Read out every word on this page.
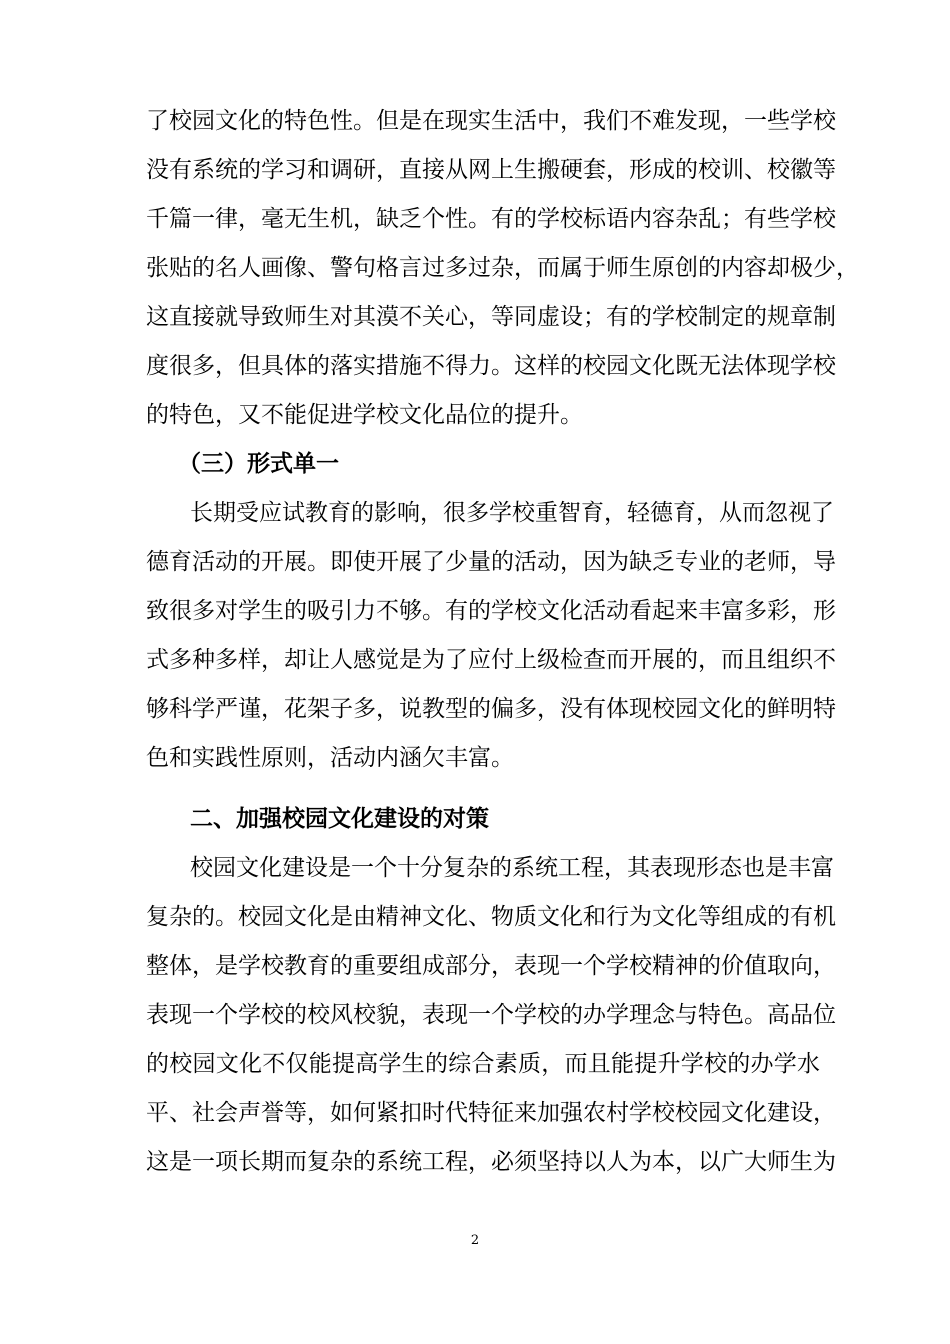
了校园文化的特色性。但是在现实生活中，我们不难发现，一些学校
没有系统的学习和调研，直接从网上生搬硬套，形成的校训、校徽等
千篇一律，毫无生机，缺乏个性。有的学校标语内容杂乱；有些学校
张贴的名人画像、警句格言过多过杂，而属于师生原创的内容却极少，
这直接就导致师生对其漠不关心，等同虚设；有的学校制定的规章制
度很多，但具体的落实措施不得力。这样的校园文化既无法体现学校
的特色，又不能促进学校文化品位的提升。
（三）形式单一
长期受应试教育的影响，很多学校重智育，轻德育，从而忽视了
德育活动的开展。即使开展了少量的活动，因为缺乏专业的老师，导
致很多对学生的吸引力不够。有的学校文化活动看起来丰富多彩，形
式多种多样，却让人感觉是为了应付上级检查而开展的，而且组织不
够科学严谨，花架子多，说教型的偏多，没有体现校园文化的鲜明特
色和实践性原则，活动内涵欠丰富。
二、加强校园文化建设的对策
校园文化建设是一个十分复杂的系统工程，其表现形态也是丰富
复杂的。校园文化是由精神文化、物质文化和行为文化等组成的有机
整体，是学校教育的重要组成部分，表现一个学校精神的价值取向，
表现一个学校的校风校貌，表现一个学校的办学理念与特色。高品位
的校园文化不仅能提高学生的综合素质，而且能提升学校的办学水
平、社会声誉等，如何紧扣时代特征来加强农村学校校园文化建设，
这是一项长期而复杂的系统工程，必须坚持以人为本，以广大师生为
2
